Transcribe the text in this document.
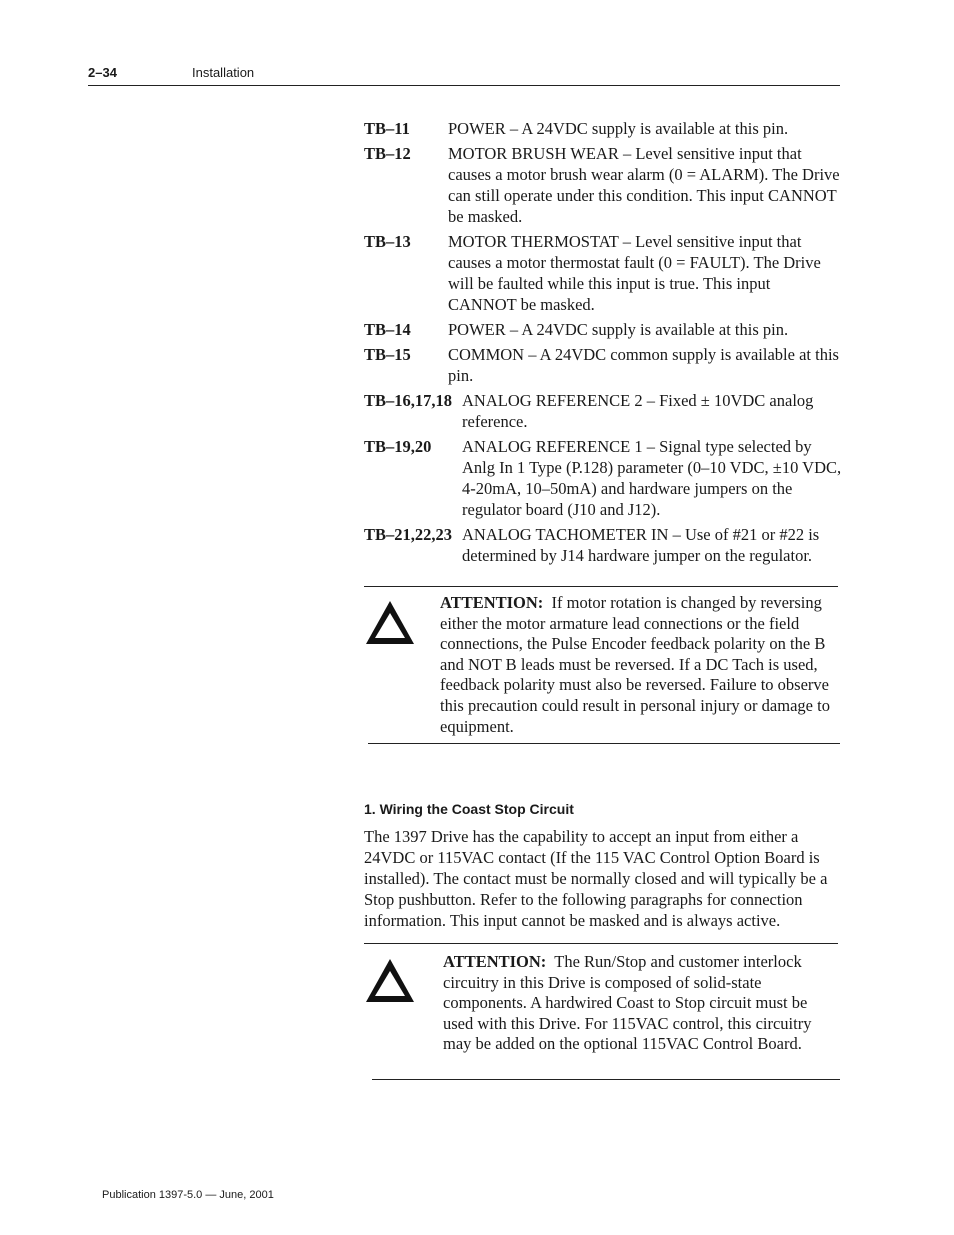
2–34	Installation
TB–11	POWER – A 24VDC supply is available at this pin.
TB–12	MOTOR BRUSH WEAR – Level sensitive input that causes a motor brush wear alarm (0 = ALARM). The Drive can still operate under this condition. This input CANNOT be masked.
TB–13	MOTOR THERMOSTAT – Level sensitive input that causes a motor thermostat fault (0 = FAULT). The Drive will be faulted while this input is true. This input CANNOT be masked.
TB–14	POWER – A 24VDC supply is available at this pin.
TB–15	COMMON – A 24VDC common supply is available at this pin.
TB–16,17,18 ANALOG REFERENCE 2 – Fixed ± 10VDC analog reference.
TB–19,20	ANALOG REFERENCE 1 – Signal type selected by Anlg In 1 Type (P.128) parameter (0–10 VDC, ±10 VDC, 4-20mA, 10–50mA) and hardware jumpers on the regulator board (J10 and J12).
TB–21,22,23 ANALOG TACHOMETER IN – Use of #21 or #22 is determined by J14 hardware jumper on the regulator.
ATTENTION: If motor rotation is changed by reversing either the motor armature lead connections or the field connections, the Pulse Encoder feedback polarity on the B and NOT B leads must be reversed. If a DC Tach is used, feedback polarity must also be reversed. Failure to observe this precaution could result in personal injury or damage to equipment.
1. Wiring the Coast Stop Circuit
The 1397 Drive has the capability to accept an input from either a 24VDC or 115VAC contact (If the 115 VAC Control Option Board is installed). The contact must be normally closed and will typically be a Stop pushbutton. Refer to the following paragraphs for connection information. This input cannot be masked and is always active.
ATTENTION: The Run/Stop and customer interlock circuitry in this Drive is composed of solid-state components. A hardwired Coast to Stop circuit must be used with this Drive. For 115VAC control, this circuitry may be added on the optional 115VAC Control Board.
Publication 1397-5.0 — June, 2001
